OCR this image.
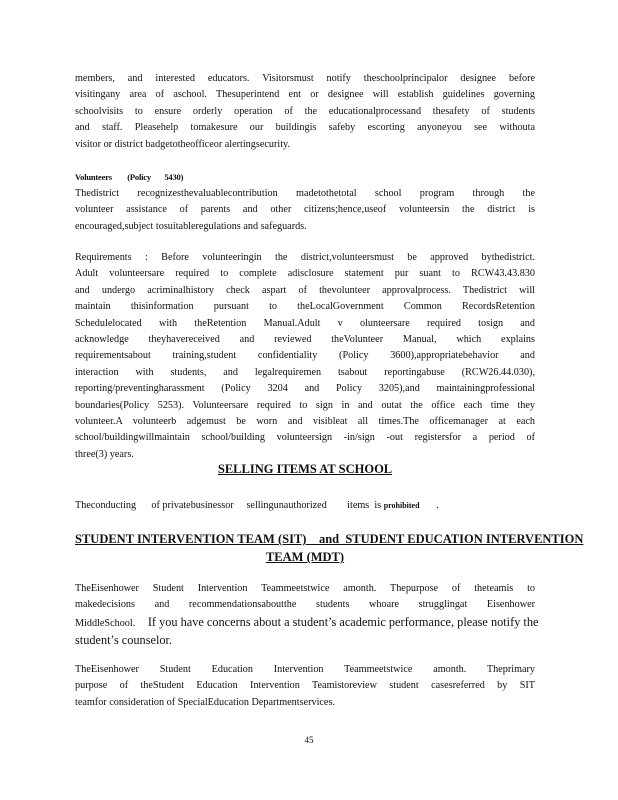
members, and interested educators. Visitorsmust notify theschoolprincipalor designee before
visitingany area of aschool. Thesuperintend ent or designee will establish guidelines governing
schoolvisits to ensure orderly operation of the educationalprocessand thesafety of students
and staff. Pleasehelp tomakesure our buildingis safeby escorting anyoneyou see withouta
visitor or district badgetotheofficeor alertingsecurity.

Volunteers        (Policy       5430)

Thedistrict recognizesthevaluablecontribution madetothetotal school program through the
volunteer assistance of parents and other citizens;hence,useof volunteersin the district is
encouraged,subject tosuitableregulations and safeguards.
Requirements : Before volunteeringin the district,volunteersmust be approved bythedistrict.
Adult volunteersare required to complete adisclosure statement pur suant to RCW43.43.830
and undergo acriminalhistory check aspart of thevolunteer approvalprocess. Thedistrict will
maintain thisinformation pursuant to theLocalGovernment Common RecordsRetention
Schedulelocated with theRetention Manual.Adult v olunteersare required tosign and
acknowledge theyhavereceived and reviewed theVolunteer Manual, which explains
requirementsabout training,student confidentiality (Policy 3600),appropriatebehavior and
interaction with students, and legalrequiremen tsabout reportingabuse (RCW26.44.030),
reporting/preventingharassment (Policy 3204 and Policy 3205),and maintainingprofessional
boundaries(Policy 5253). Volunteersare required to sign in and outat the office each time they
volunteer.A volunteerb adgemust be worn and visibleat all times.The officemanager at each
school/buildingwillmaintain school/building volunteersign -in/sign -out registersfor a period of
three(3) years.

SELLING ITEMS AT SCHOOL

Theconducting      of privatebusinessor     sellingunauthorized        items  is prohibited .
STUDENT INTERVENTION TEAM (SIT)    and  STUDENT EDUCATION INTERVENTION
TEAM (MDT)
TheEisenhower Student Intervention Teammeetstwice amonth. Thepurpose of theteamis to
makedecisions and recommendationsaboutthe students whoare strugglingat Eisenhower
MiddleSchool. If you have concerns about a student’s academic performance, please notify the
student’s counselor.
TheEisenhower Student Education Intervention Teammeetstwice amonth. Theprimary
purpose of theStudent Education Intervention Teamistoreview student casesreferred by SIT
teamfor consideration of SpecialEducation Departmentservices.

45
